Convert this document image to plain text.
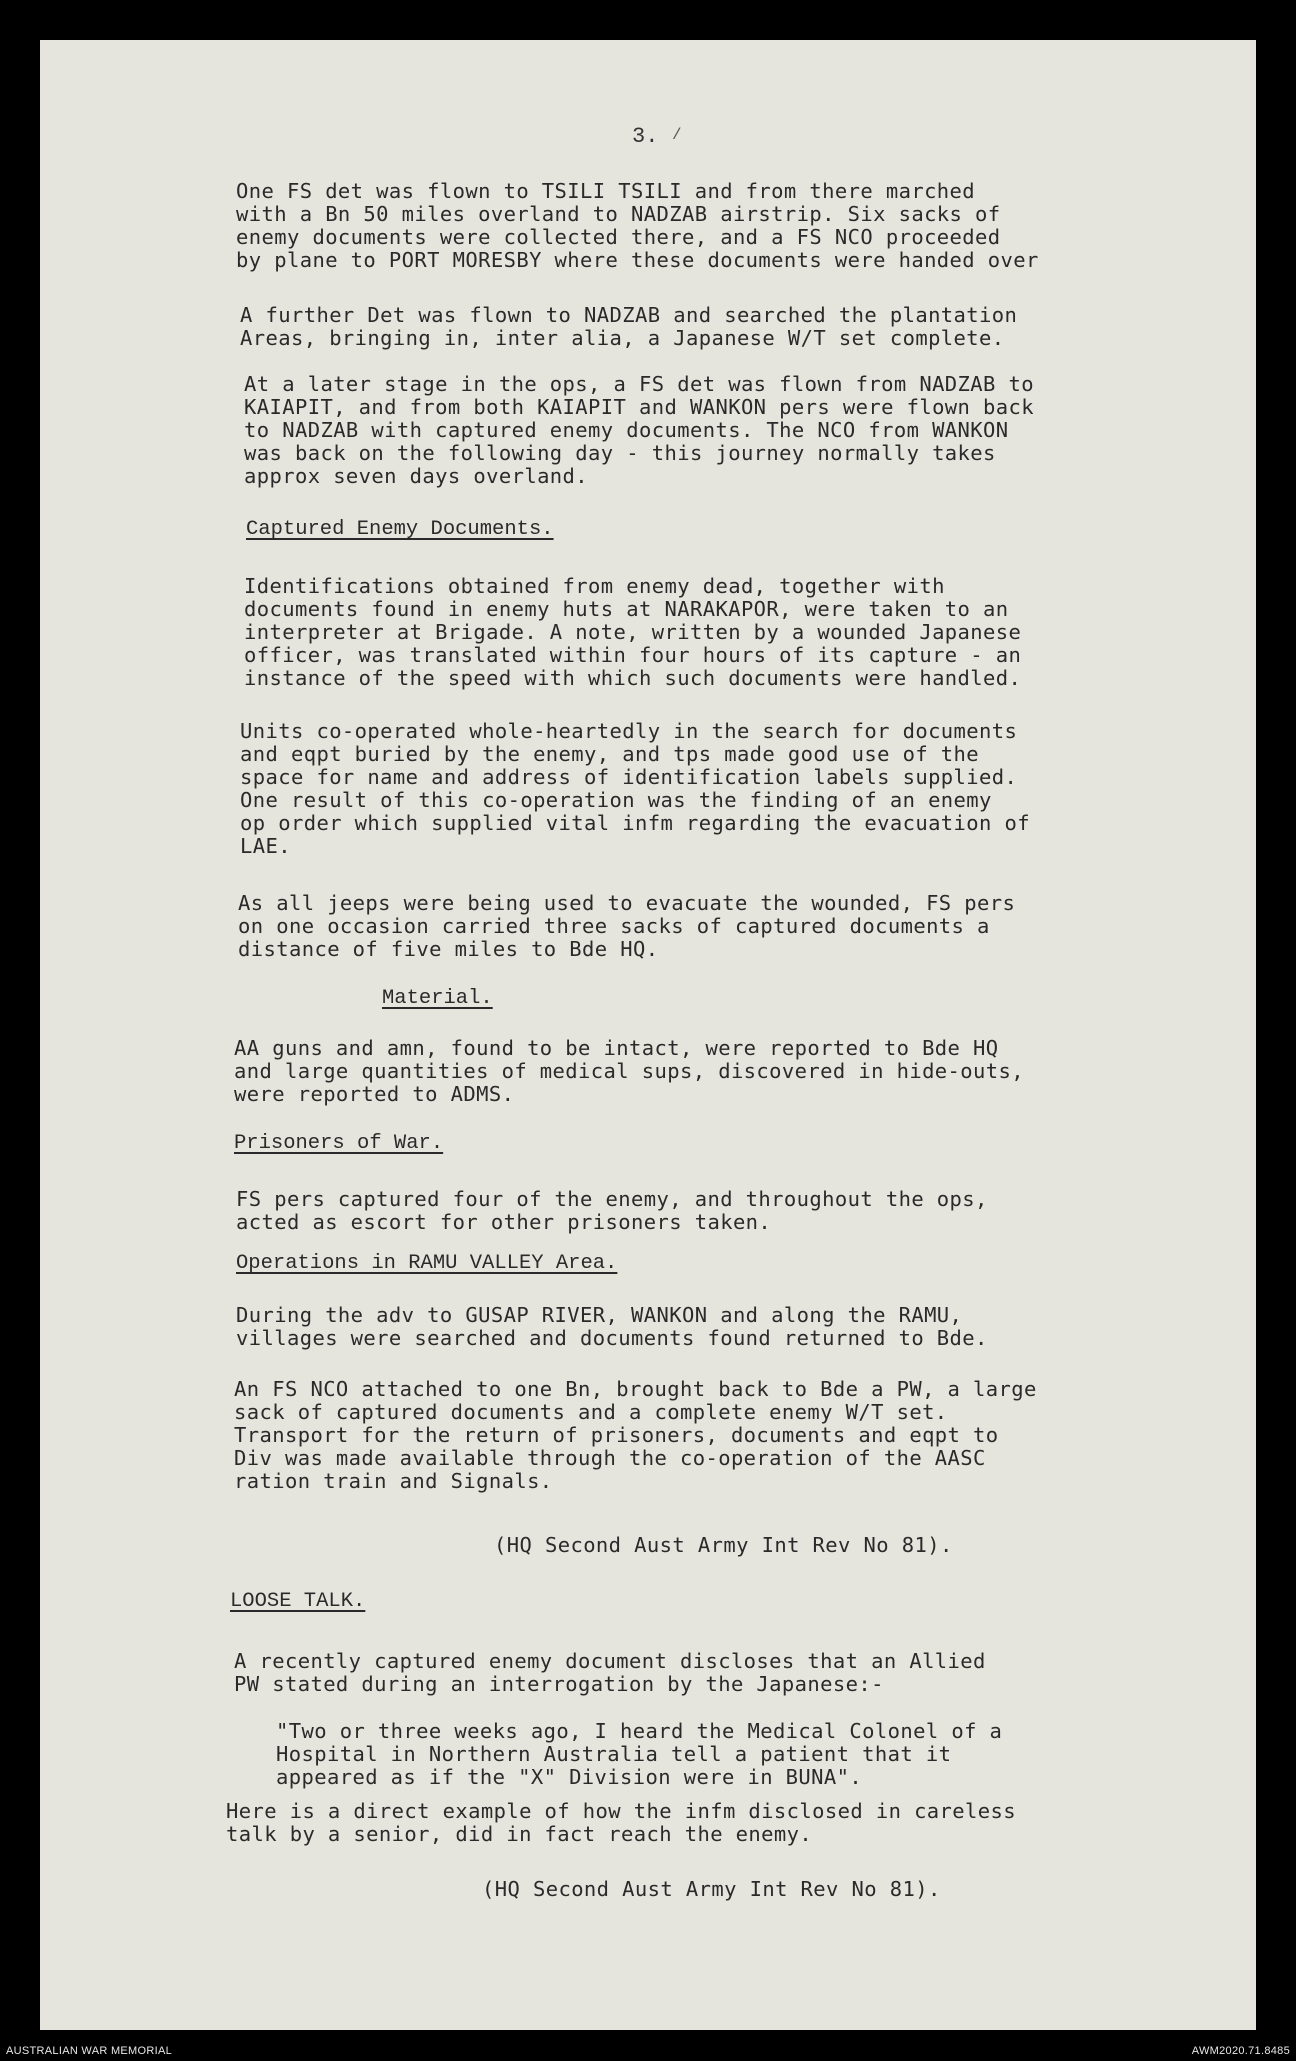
3. /
One FS det was flown to TSILI TSILI and from there marched
with a Bn 50 miles overland to NADZAB airstrip. Six sacks of
enemy documents were collected there, and a FS NCO proceeded
by plane to PORT MORESBY where these documents were handed over
A further Det was flown to NADZAB and searched the plantation
Areas, bringing in, inter alia, a Japanese W/T set complete.
At a later stage in the ops, a FS det was flown from NADZAB to
KAIAPIT, and from both KAIAPIT and WANKON pers were flown back
to NADZAB with captured enemy documents. The NCO from WANKON
was back on the following day - this journey normally takes
approx seven days overland.
Captured Enemy Documents.
Identifications obtained from enemy dead, together with
documents found in enemy huts at NARAKAPOR, were taken to an
interpreter at Brigade. A note, written by a wounded Japanese
officer, was translated within four hours of its capture - an
instance of the speed with which such documents were handled.
Units co-operated whole-heartedly in the search for documents
and eqpt buried by the enemy, and tps made good use of the
space for name and address of identification labels supplied.
One result of this co-operation was the finding of an enemy
op order which supplied vital infm regarding the evacuation of
LAE.
As all jeeps were being used to evacuate the wounded, FS pers
on one occasion carried three sacks of captured documents a
distance of five miles to Bde HQ.
Material.
AA guns and amn, found to be intact, were reported to Bde HQ
and large quantities of medical sups, discovered in hide-outs,
were reported to ADMS.
Prisoners of War.
FS pers captured four of the enemy, and throughout the ops,
acted as escort for other prisoners taken.
Operations in RAMU VALLEY Area.
During the adv to GUSAP RIVER, WANKON and along the RAMU,
villages were searched and documents found returned to Bde.
An FS NCO attached to one Bn, brought back to Bde a PW, a large
sack of captured documents and a complete enemy W/T set.
Transport for the return of prisoners, documents and eqpt to
Div was made available through the co-operation of the AASC
ration train and Signals.
(HQ Second Aust Army Int Rev No 81).
LOOSE TALK.
A recently captured enemy document discloses that an Allied
PW stated during an interrogation by the Japanese:-
"Two or three weeks ago, I heard the Medical Colonel of a
Hospital in Northern Australia tell a patient that it
appeared as if the "X" Division were in BUNA".
Here is a direct example of how the infm disclosed in careless
talk by a senior, did in fact reach the enemy.
(HQ Second Aust Army Int Rev No 81).
AUSTRALIAN WAR MEMORIAL	AWM2020.71.8485
